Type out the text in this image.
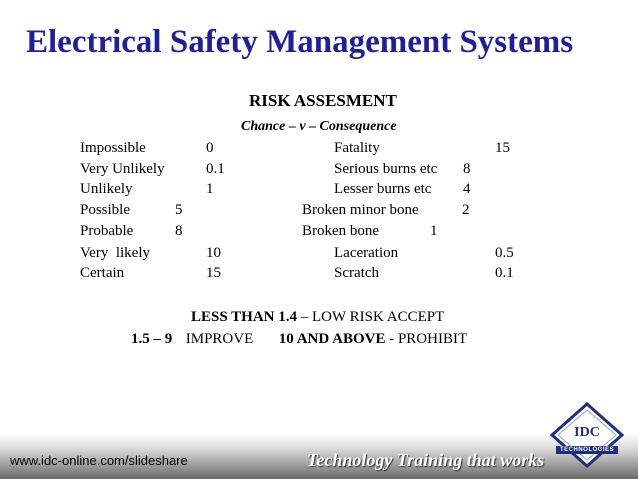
Electrical Safety Management Systems
RISK ASSESMENT
Chance – v – Consequence
Impossible	0	Fatality	15
Very Unlikely	0.1	Serious burns etc 8
Unlikely	1	Lesser burns etc 4
Possible	5	Broken minor bone	2
Probable	8	Broken bone	1
Very  likely	10	Laceration	0.5
Certain	15	Scratch	0.1
LESS THAN 1.4 – LOW RISK ACCEPT
1.5 – 9 IMPROVE 10 AND ABOVE - PROHIBIT
www.idc-online.com/slideshare	Technology Training that works
IDC
TECHNOLOGIES
